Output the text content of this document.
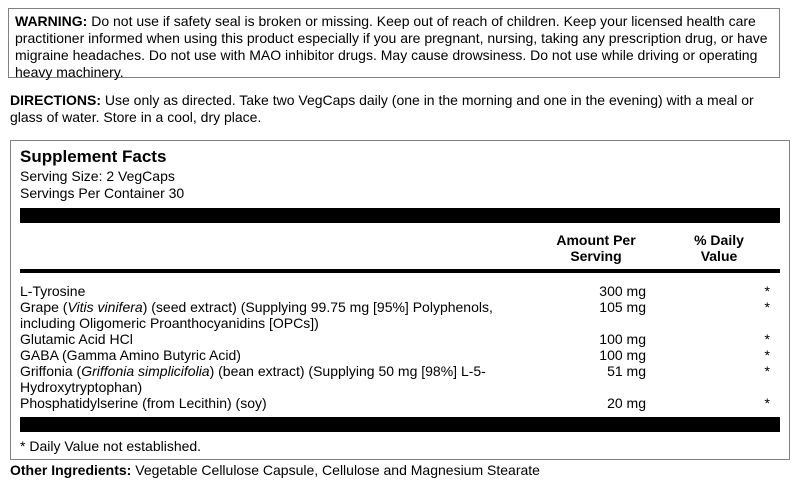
WARNING: Do not use if safety seal is broken or missing. Keep out of reach of children. Keep your licensed health care practitioner informed when using this product especially if you are pregnant, nursing, taking any prescription drug, or have migraine headaches. Do not use with MAO inhibitor drugs. May cause drowsiness. Do not use while driving or operating heavy machinery.
DIRECTIONS: Use only as directed. Take two VegCaps daily (one in the morning and one in the evening) with a meal or glass of water. Store in a cool, dry place.
Supplement Facts
Serving Size: 2 VegCaps
Servings Per Container 30
Amount Per
Serving
% Daily
Value
L-Tyrosine	300 mg	*
Grape (Vitis vinifera) (seed extract) (Supplying 99.75 mg [95%] Polyphenols,
including Oligomeric Proanthocyanidins [OPCs])
105 mg	*
Glutamic Acid HCl	100 mg	*
GABA (Gamma Amino Butyric Acid)	100 mg	*
Griffonia (Griffonia simplicifolia) (bean extract) (Supplying 50 mg [98%] L-5-
Hydroxytryptophan)
51 mg	*
Phosphatidylserine (from Lecithin) (soy)	20 mg	*
* Daily Value not established.
Other Ingredients: Vegetable Cellulose Capsule, Cellulose and Magnesium Stearate
